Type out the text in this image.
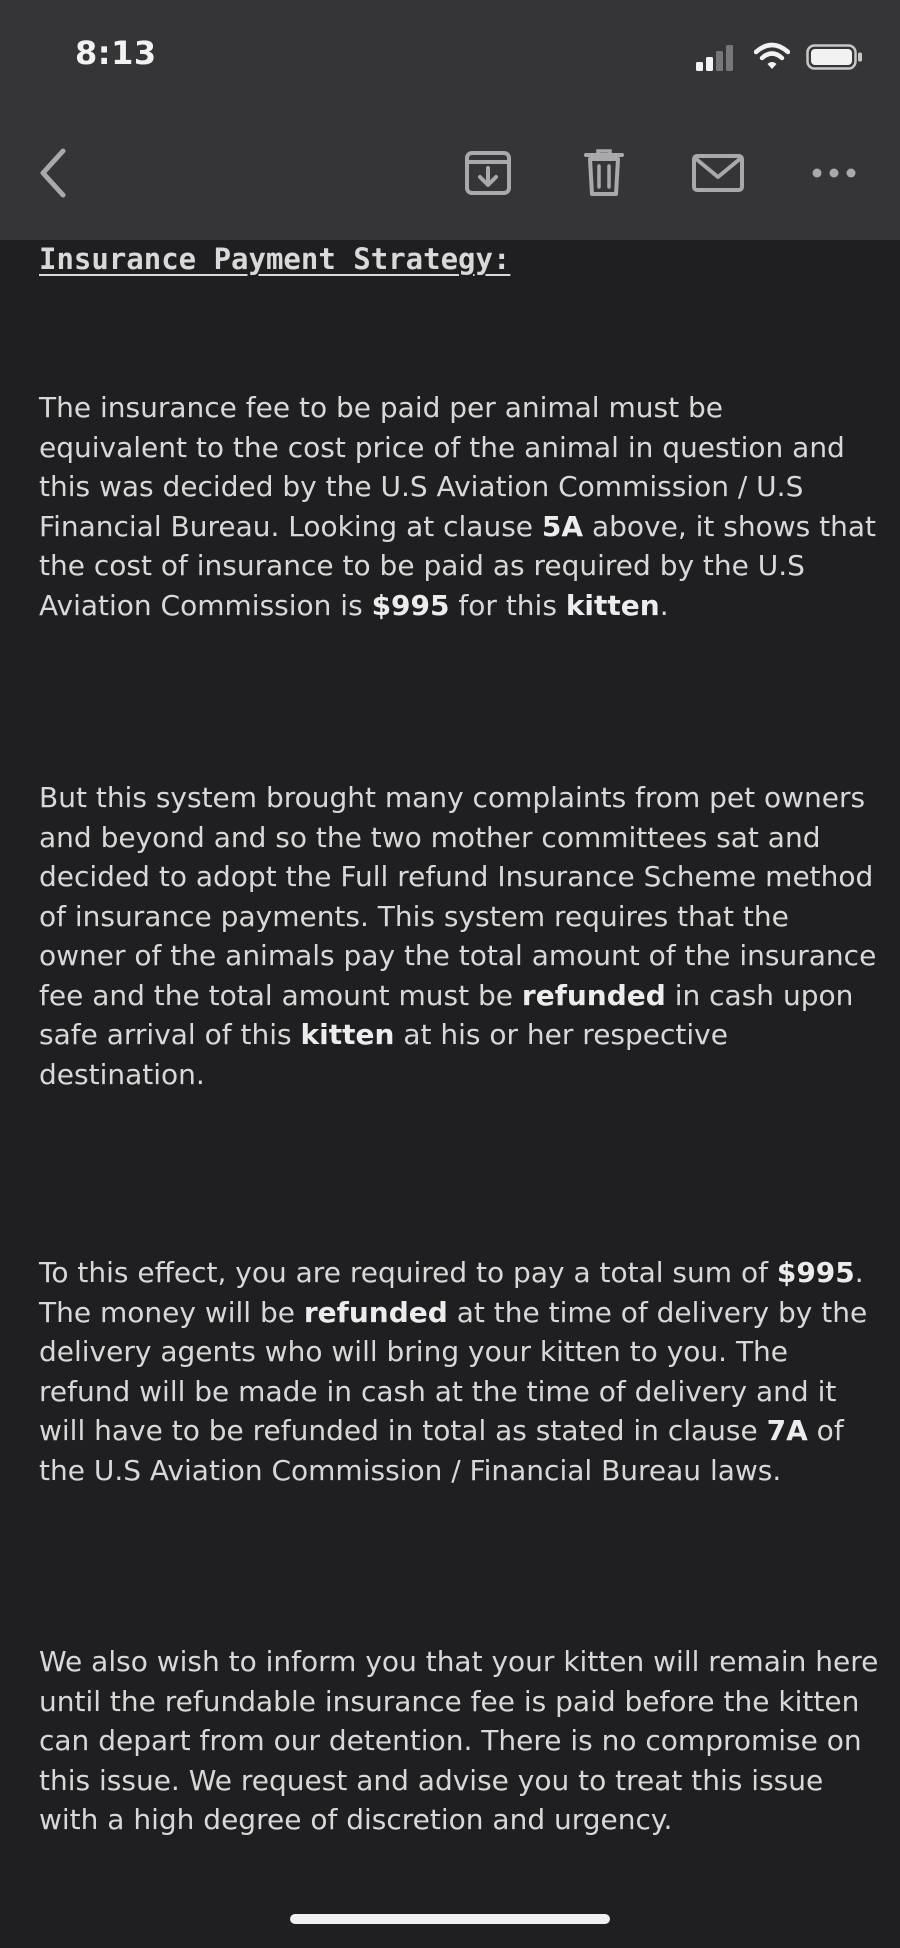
8:13
Insurance Payment Strategy:
The insurance fee to be paid per animal must be equivalent to the cost price of the animal in question and this was decided by the U.S Aviation Commission / U.S Financial Bureau. Looking at clause 5A above, it shows that the cost of insurance to be paid as required by the U.S Aviation Commission is $995 for this kitten.
But this system brought many complaints from pet owners and beyond and so the two mother committees sat and decided to adopt the Full refund Insurance Scheme method of insurance payments. This system requires that the owner of the animals pay the total amount of the insurance fee and the total amount must be refunded in cash upon safe arrival of this kitten at his or her respective destination.
To this effect, you are required to pay a total sum of $995. The money will be refunded at the time of delivery by the delivery agents who will bring your kitten to you. The refund will be made in cash at the time of delivery and it will have to be refunded in total as stated in clause 7A of the U.S Aviation Commission / Financial Bureau laws.
We also wish to inform you that your kitten will remain here until the refundable insurance fee is paid before the kitten can depart from our detention. There is no compromise on this issue. We request and advise you to treat this issue with a high degree of discretion and urgency.
